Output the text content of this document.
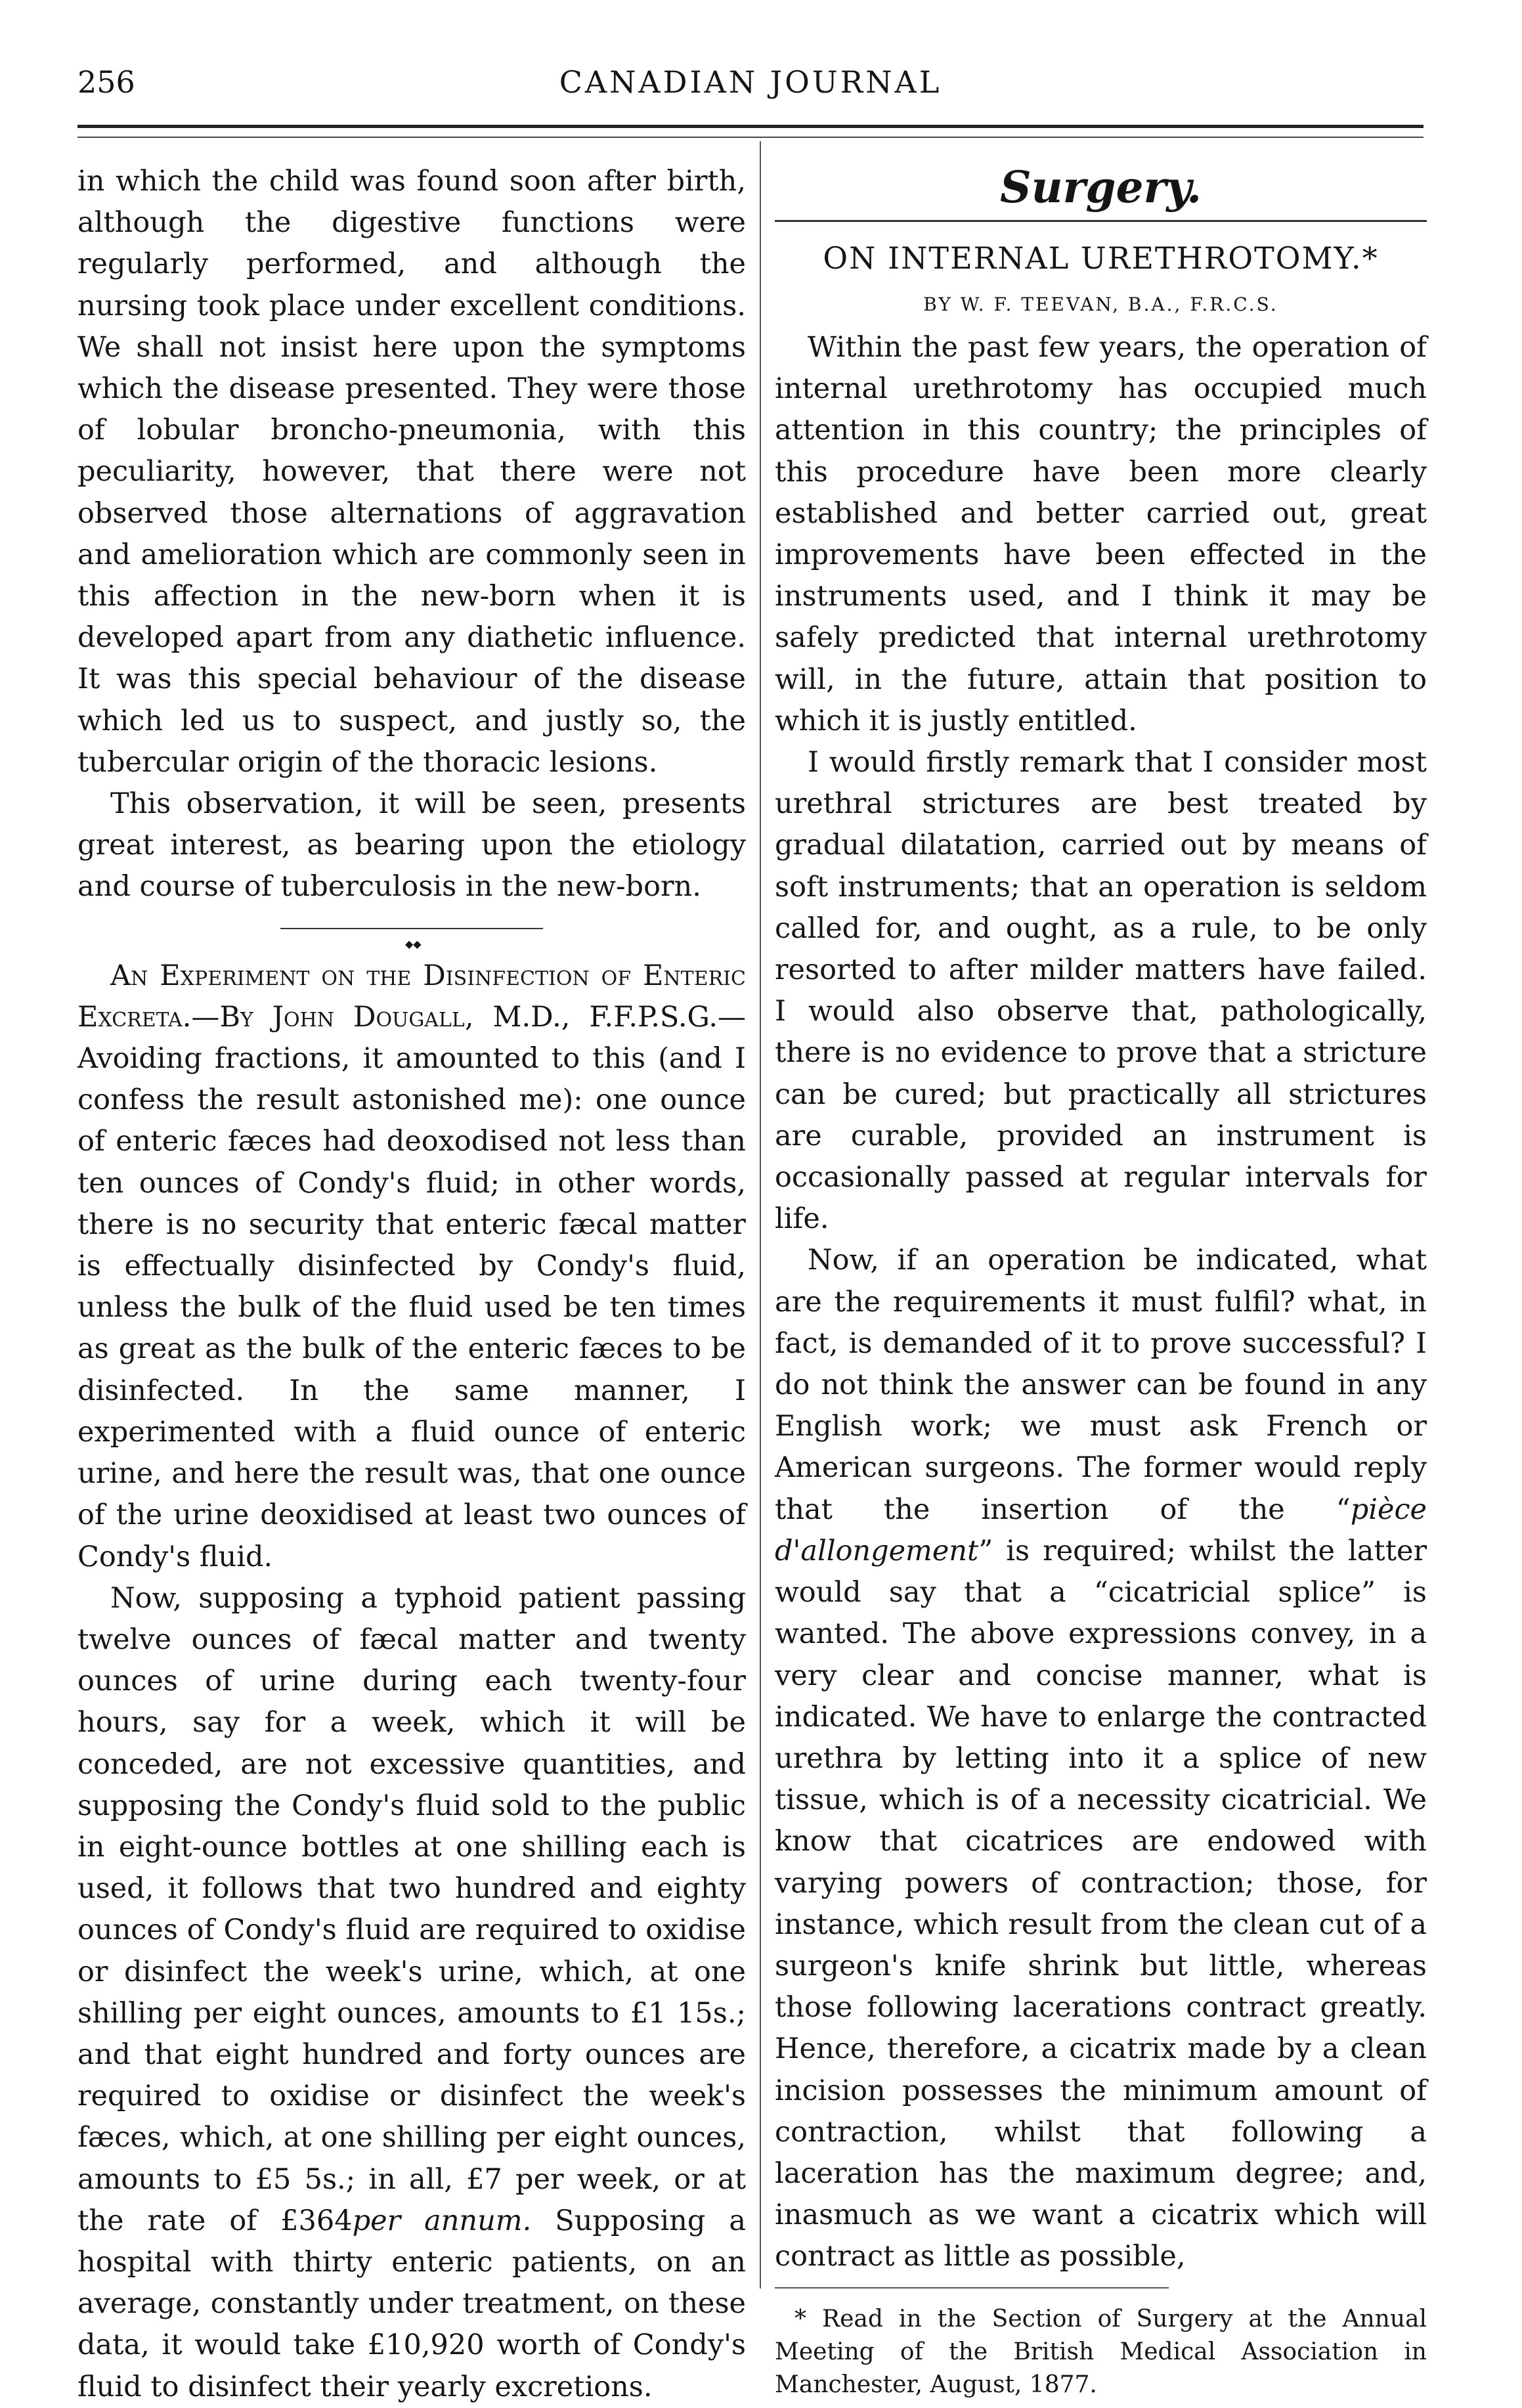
256	CANADIAN JOURNAL

in which the child was found soon after birth, although the digestive functions were regularly performed, and although the nursing took place under excellent conditions. We shall not insist here upon the symptoms which the disease presented. They were those of lobular broncho-pneumonia, with this peculiarity, however, that there were not observed those alternations of aggravation and amelioration which are commonly seen in this affection in the new-born when it is developed apart from any diathetic influence. It was this special behaviour of the disease which led us to suspect, and justly so, the tubercular origin of the thoracic lesions.

This observation, it will be seen, presents great interest, as bearing upon the etiology and course of tuberculosis in the new-born.

◆◆

An Experiment on the Disinfection of Enteric Excreta.—By John Dougall, M.D., F.F.P.S.G.—Avoiding fractions, it amounted to this (and I confess the result astonished me): one ounce of enteric fæces had deoxodised not less than ten ounces of Condy's fluid; in other words, there is no security that enteric fæcal matter is effectually disinfected by Condy's fluid, unless the bulk of the fluid used be ten times as great as the bulk of the enteric fæces to be disinfected. In the same manner, I experimented with a fluid ounce of enteric urine, and here the result was, that one ounce of the urine deoxidised at least two ounces of Condy's fluid.

Now, supposing a typhoid patient passing twelve ounces of fæcal matter and twenty ounces of urine during each twenty-four hours, say for a week, which it will be conceded, are not excessive quantities, and supposing the Condy's fluid sold to the public in eight-ounce bottles at one shilling each is used, it follows that two hundred and eighty ounces of Condy's fluid are required to oxidise or disinfect the week's urine, which, at one shilling per eight ounces, amounts to £1 15s.; and that eight hundred and forty ounces are required to oxidise or disinfect the week's fæces, which, at one shilling per eight ounces, amounts to £5 5s.; in all, £7 per week, or at the rate of £364per annum. Supposing a hospital with thirty enteric patients, on an average, constantly under treatment, on these data, it would take £10,920 worth of Condy's fluid to disinfect their yearly excretions.

Surgery.
ON INTERNAL URETHROTOMY.*
BY W. F. TEEVAN, B.A., F.R.C.S.

Within the past few years, the operation of internal urethrotomy has occupied much attention in this country; the principles of this procedure have been more clearly established and better carried out, great improvements have been effected in the instruments used, and I think it may be safely predicted that internal urethrotomy will, in the future, attain that position to which it is justly entitled.

I would firstly remark that I consider most urethral strictures are best treated by gradual dilatation, carried out by means of soft instruments; that an operation is seldom called for, and ought, as a rule, to be only resorted to after milder matters have failed. I would also observe that, pathologically, there is no evidence to prove that a stricture can be cured; but practically all strictures are curable, provided an instrument is occasionally passed at regular intervals for life.

Now, if an operation be indicated, what are the requirements it must fulfil? what, in fact, is demanded of it to prove successful? I do not think the answer can be found in any English work; we must ask French or American surgeons. The former would reply that the insertion of the “pièce d'allongement” is required; whilst the latter would say that a “cicatricial splice” is wanted. The above expressions convey, in a very clear and concise manner, what is indicated. We have to enlarge the contracted urethra by letting into it a splice of new tissue, which is of a necessity cicatricial. We know that cicatrices are endowed with varying powers of contraction; those, for instance, which result from the clean cut of a surgeon's knife shrink but little, whereas those following lacerations contract greatly. Hence, therefore, a cicatrix made by a clean incision possesses the minimum amount of contraction, whilst that following a laceration has the maximum degree; and, inasmuch as we want a cicatrix which will contract as little as possible,

* Read in the Section of Surgery at the Annual Meeting of the British Medical Association in Manchester, August, 1877.
